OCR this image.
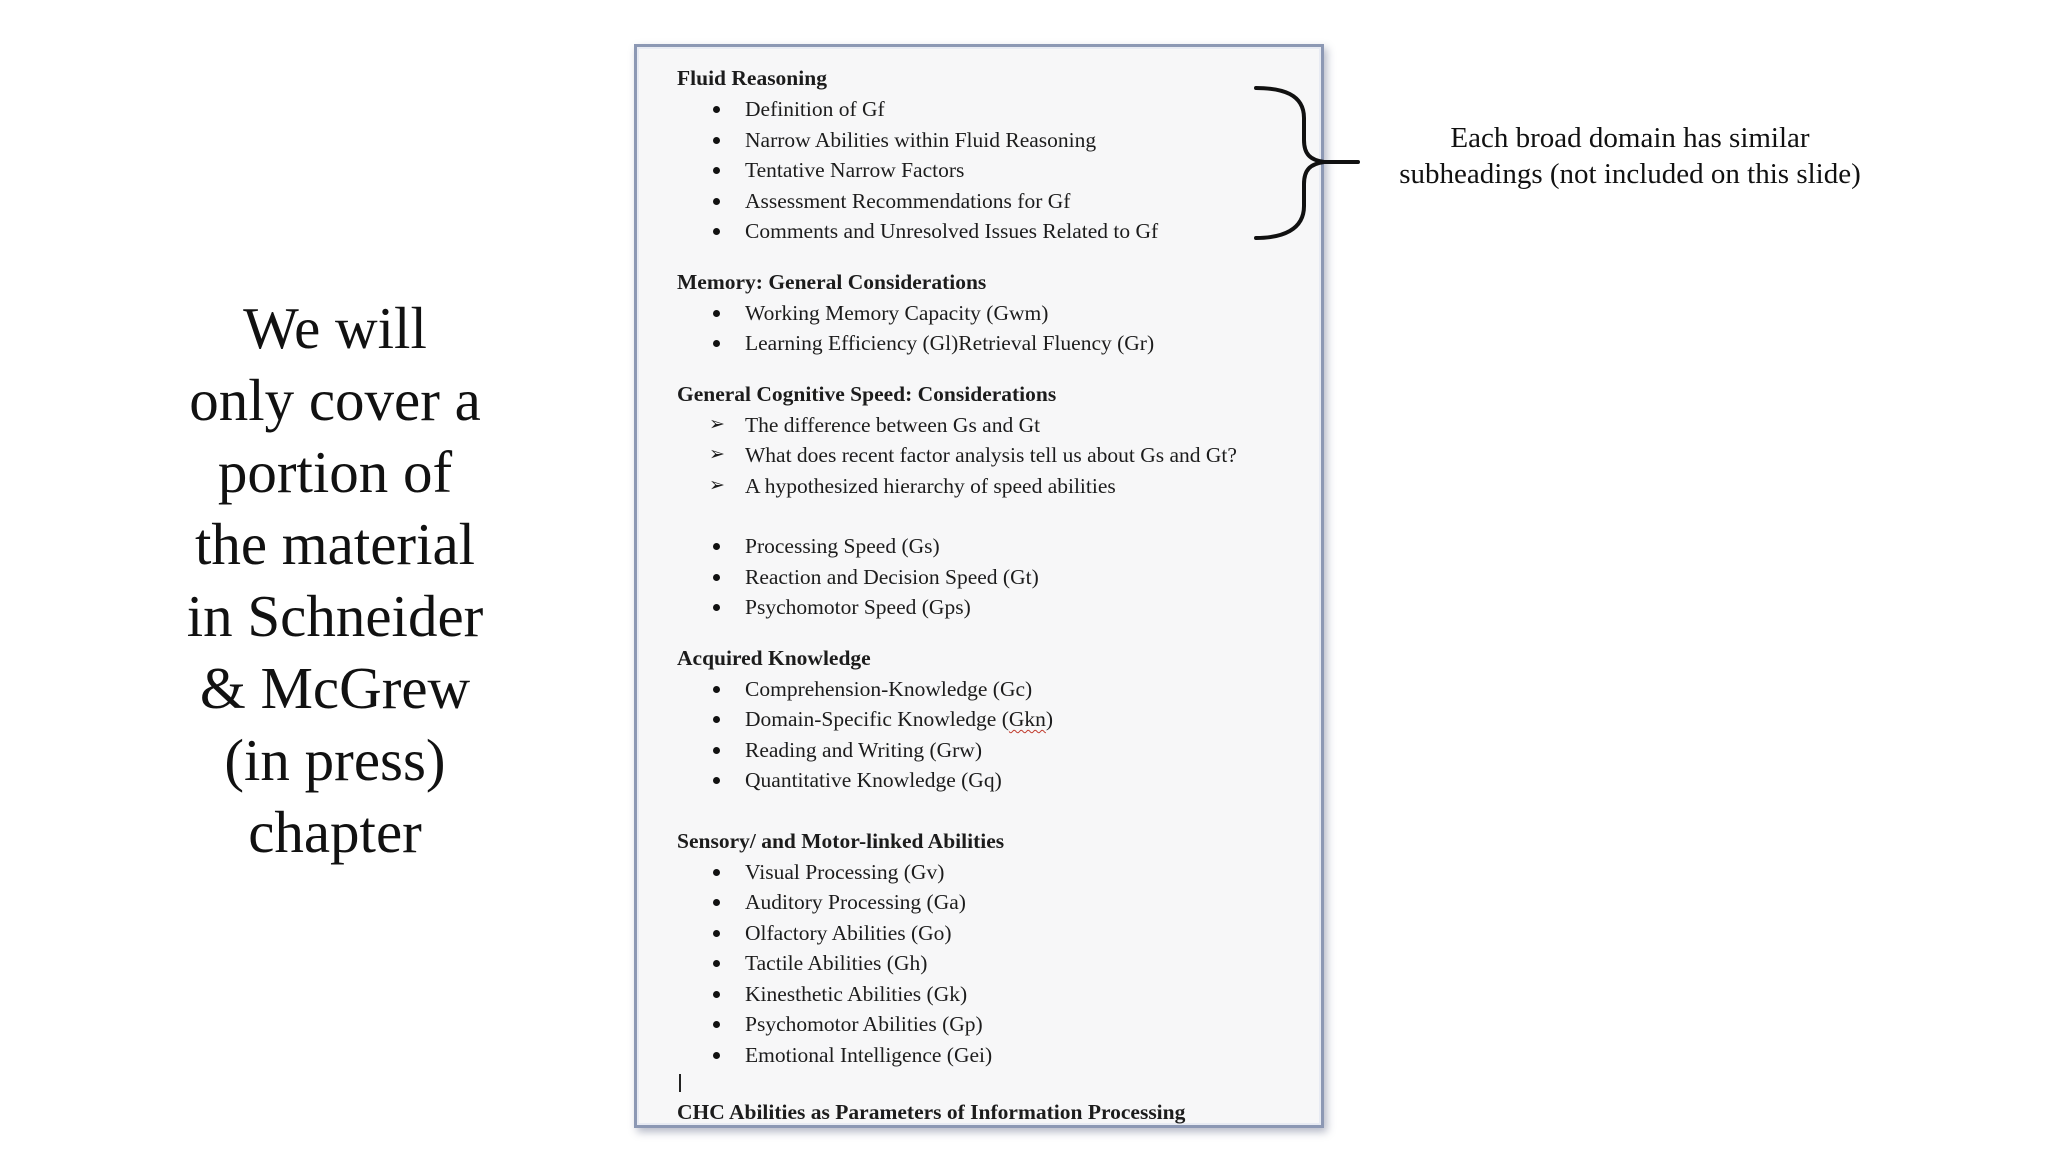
We will
only cover a
portion of
the material
in Schneider
& McGrew
(in press)
chapter
Fluid Reasoning
Definition of Gf
Narrow Abilities within Fluid Reasoning
Tentative Narrow Factors
Assessment Recommendations for Gf
Comments and Unresolved Issues Related to Gf
Memory: General Considerations
Working Memory Capacity (Gwm)
Learning Efficiency (Gl)Retrieval Fluency (Gr)
General Cognitive Speed: Considerations
➢ The difference between Gs and Gt
➢ What does recent factor analysis tell us about Gs and Gt?
➢ A hypothesized hierarchy of speed abilities
Processing Speed (Gs)
Reaction and Decision Speed (Gt)
Psychomotor Speed (Gps)
Acquired Knowledge
Comprehension-Knowledge (Gc)
Domain-Specific Knowledge (Gkn)
Reading and Writing (Grw)
Quantitative Knowledge (Gq)
Sensory/ and Motor-linked Abilities
Visual Processing (Gv)
Auditory Processing (Ga)
Olfactory Abilities (Go)
Tactile Abilities (Gh)
Kinesthetic Abilities (Gk)
Psychomotor Abilities (Gp)
Emotional Intelligence (Gei)
CHC Abilities as Parameters of Information Processing
Each broad domain has similar subheadings (not included on this slide)
